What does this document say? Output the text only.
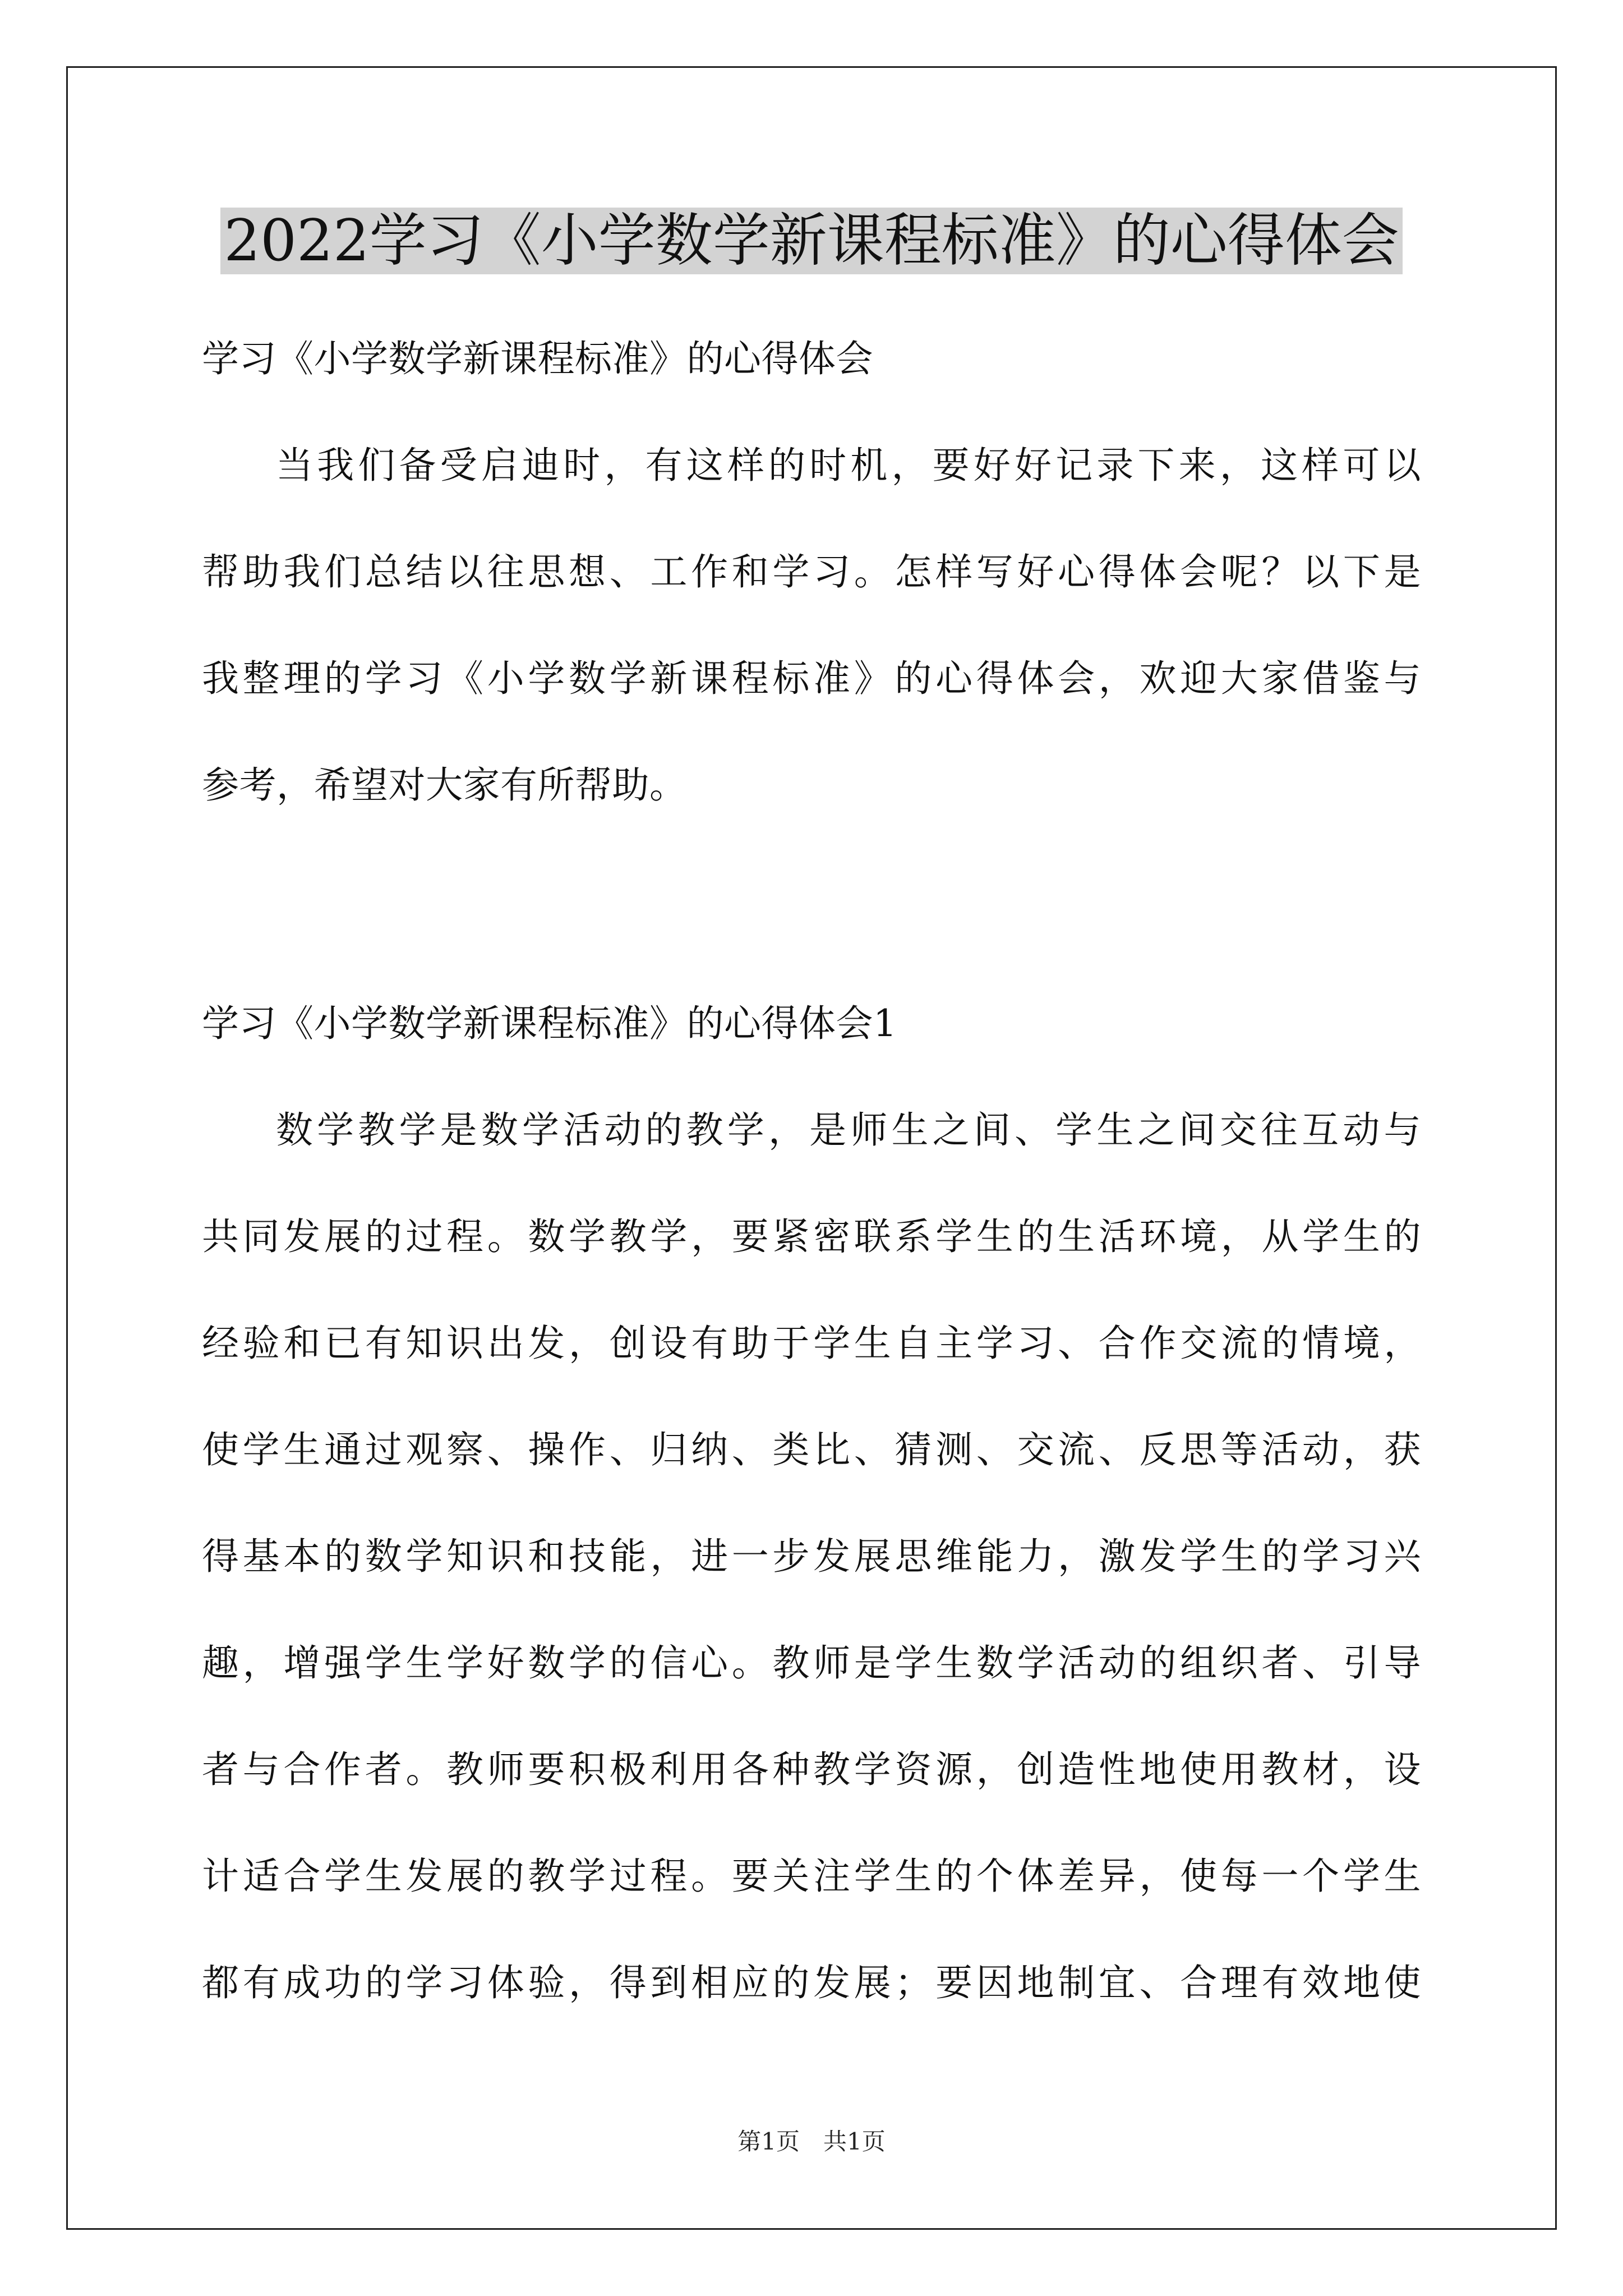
2022学习《小学数学新课程标准》的心得体会
学习《小学数学新课程标准》的心得体会
当我们备受启迪时，有这样的时机，要好好记录下来，这样可以
帮助我们总结以往思想、工作和学习。怎样写好心得体会呢？以下是
我整理的学习《小学数学新课程标准》的心得体会，欢迎大家借鉴与
参考，希望对大家有所帮助。
学习《小学数学新课程标准》的心得体会1
数学教学是数学活动的教学，是师生之间、学生之间交往互动与
共同发展的过程。数学教学，要紧密联系学生的生活环境，从学生的
经验和已有知识出发，创设有助于学生自主学习、合作交流的情境，
使学生通过观察、操作、归纳、类比、猜测、交流、反思等活动，获
得基本的数学知识和技能，进一步发展思维能力，激发学生的学习兴
趣，增强学生学好数学的信心。教师是学生数学活动的组织者、引导
者与合作者。教师要积极利用各种教学资源，创造性地使用教材，设
计适合学生发展的教学过程。要关注学生的个体差异，使每一个学生
都有成功的学习体验，得到相应的发展；要因地制宜、合理有效地使
第1页　共1页
